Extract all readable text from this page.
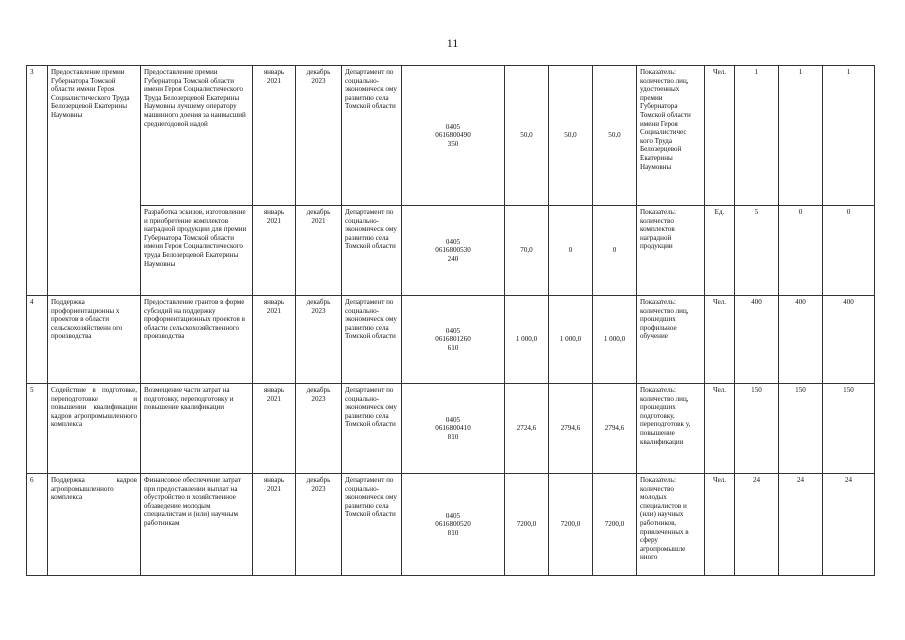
11
3	Предоставление премии Губернатора Томской области имени Героя Социалистического Труда Белозерцевой Екатерины Наумовны	Предоставление премии Губернатора Томской области имени Героя Социалистического Труда Белозерцевой Екатерины Наумовны лучшему оператору машинного доения за наивысший среднегодовой надой	январь 2021	декабрь 2023	Департамент по социально-экономическ ому развитию села Томской области	0405
0616800490
350	50,0	50,0	50,0	Показатель: количество лиц, удостоенных премии Губернатора Томской области имени Героя Социалистичес кого Труда Белозерцевой Екатерины Наумовны	Чел.	1	1	1
		Разработка эскизов, изготовление и приобретение комплектов наградной продукции для премии Губернатора Томской области имени Героя Социалистического труда Белозерцевой Екатерины Наумовны	январь 2021	декабрь 2021	Департамент по социально-экономическ ому развитию села Томской области	0405
0616800530
240	70,0	0	0	Показатель: количество комплектов наградной продукции	Ед.	5	0	0
4	Поддержка профориентационны х проектов в области сельскохозяйственн ого производства	Предоставление грантов в форме субсидий на поддержку профориентационных проектов в области сельскохозяйственного производства	январь 2021	декабрь 2023	Департамент по социально-экономическ ому развитию села Томской области	0405
0616801260
610	1 000,0	1 000,0	1 000,0	Показатель: количество лиц, прошедших профильное обучение	Чел.	400	400	400
5	Содействие в подготовке, переподготовке и повышении квалификации кадров агропромышленного комплекса	Возмещение части затрат на подготовку, переподготовку и повышение квалификации	январь 2021	декабрь 2023	Департамент по социально-экономическ ому развитию села Томской области	0405
0616800410
810	2724,6	2794,6	2794,6	Показатель: количество лиц, прошедших подготовку, переподготовк у, повышение квалификации	Чел.	150	150	150
6	Поддержка кадров агропромышленного комплекса	Финансовое обеспечение затрат при предоставлении выплат на обустройство и хозяйственное обзаведение молодым специалистам и (или) научным работникам	январь 2021	декабрь 2023	Департамент по социально-экономическ ому развитию села Томской области	0405
0616800520
810	7200,0	7200,0	7200,0	Показатель: количество молодых специалистов и (или) научных работников, привлеченных в сферу агропромышле нного	Чел.	24	24	24
